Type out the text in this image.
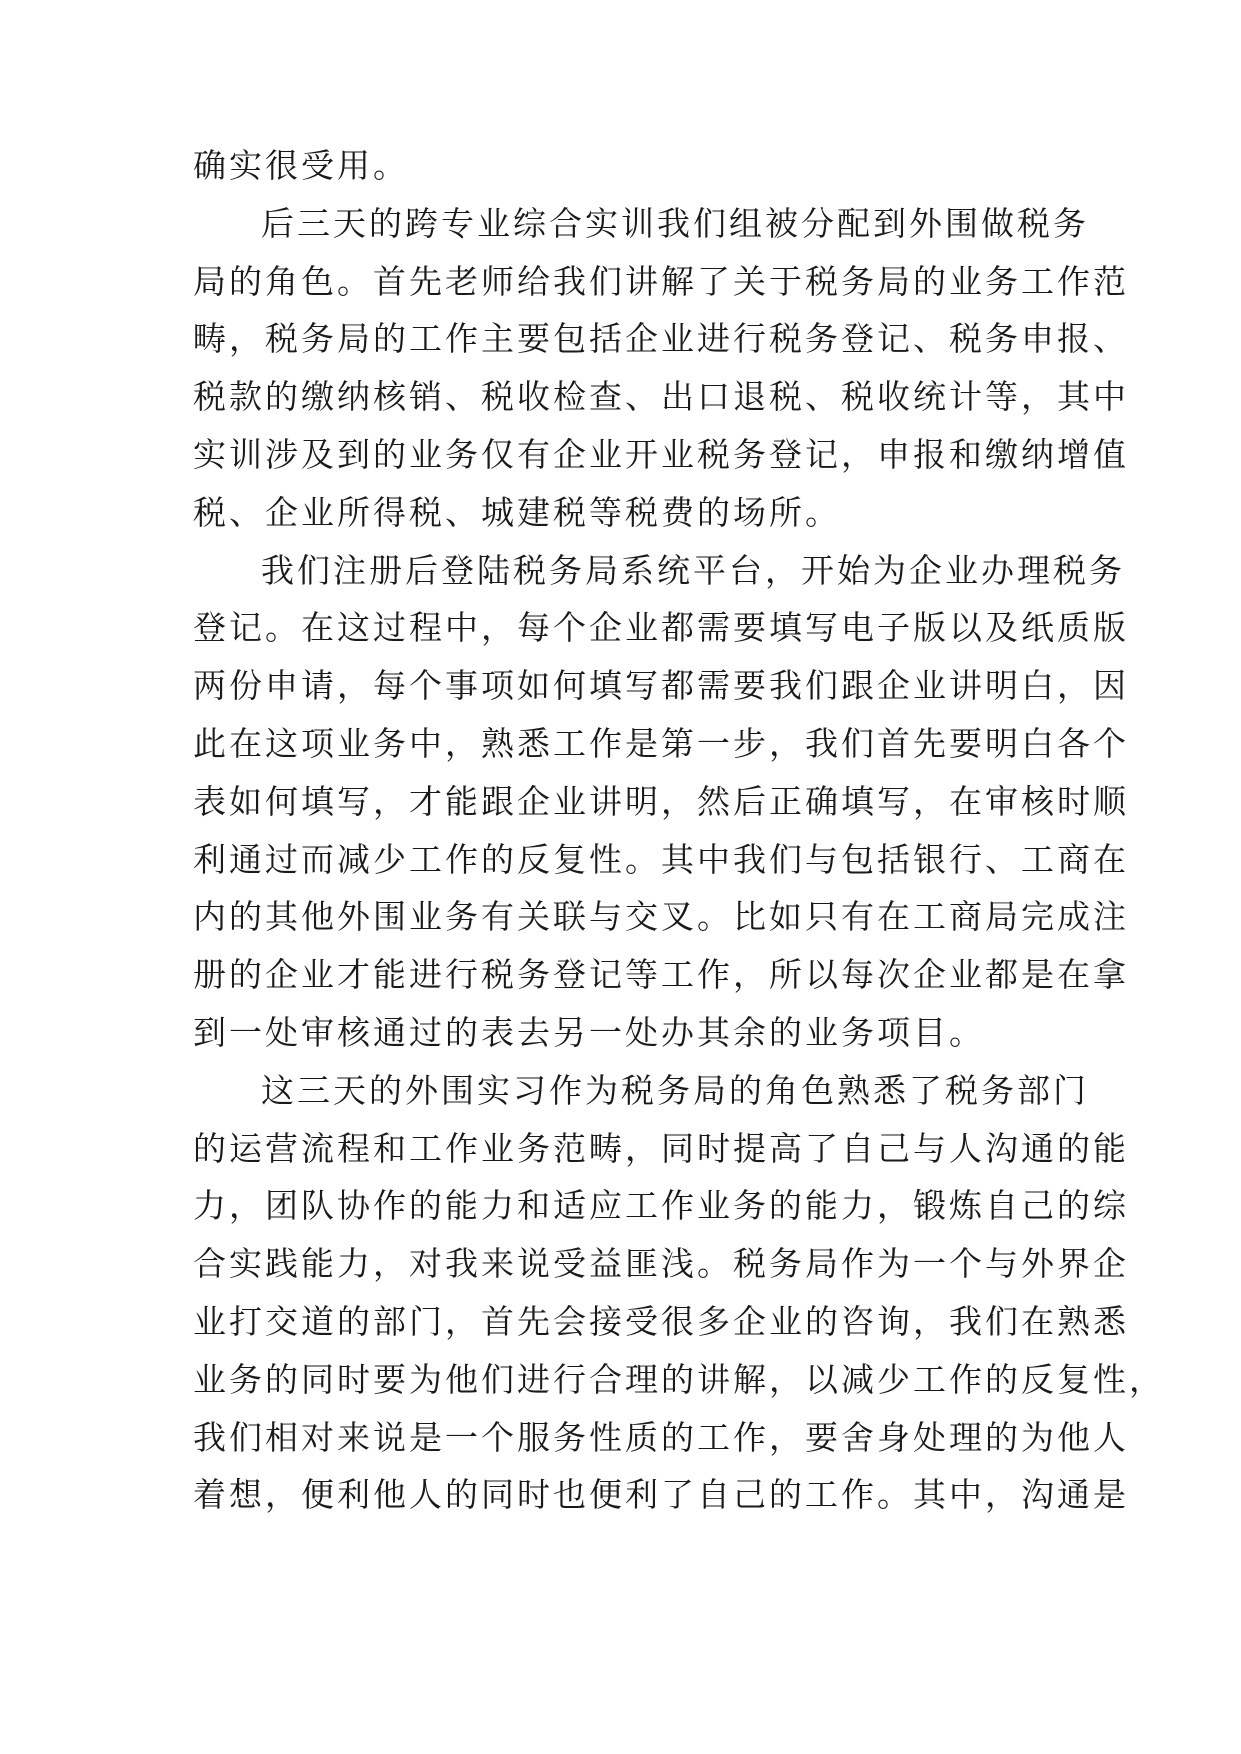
确实很受用。

后三天的跨专业综合实训我们组被分配到外围做税务
局的角色。首先老师给我们讲解了关于税务局的业务工作范
畴，税务局的工作主要包括企业进行税务登记、税务申报、
税款的缴纳核销、税收检查、出口退税、税收统计等，其中
实训涉及到的业务仅有企业开业税务登记，申报和缴纳增值
税、企业所得税、城建税等税费的场所。

我们注册后登陆税务局系统平台，开始为企业办理税务
登记。在这过程中，每个企业都需要填写电子版以及纸质版
两份申请，每个事项如何填写都需要我们跟企业讲明白，因
此在这项业务中，熟悉工作是第一步，我们首先要明白各个
表如何填写，才能跟企业讲明，然后正确填写，在审核时顺
利通过而减少工作的反复性。其中我们与包括银行、工商在
内的其他外围业务有关联与交叉。比如只有在工商局完成注
册的企业才能进行税务登记等工作，所以每次企业都是在拿
到一处审核通过的表去另一处办其余的业务项目。

这三天的外围实习作为税务局的角色熟悉了税务部门
的运营流程和工作业务范畴，同时提高了自己与人沟通的能
力，团队协作的能力和适应工作业务的能力，锻炼自己的综
合实践能力，对我来说受益匪浅。税务局作为一个与外界企
业打交道的部门，首先会接受很多企业的咨询，我们在熟悉
业务的同时要为他们进行合理的讲解，以减少工作的反复性，
我们相对来说是一个服务性质的工作，要舍身处理的为他人
着想，便利他人的同时也便利了自己的工作。其中，沟通是
